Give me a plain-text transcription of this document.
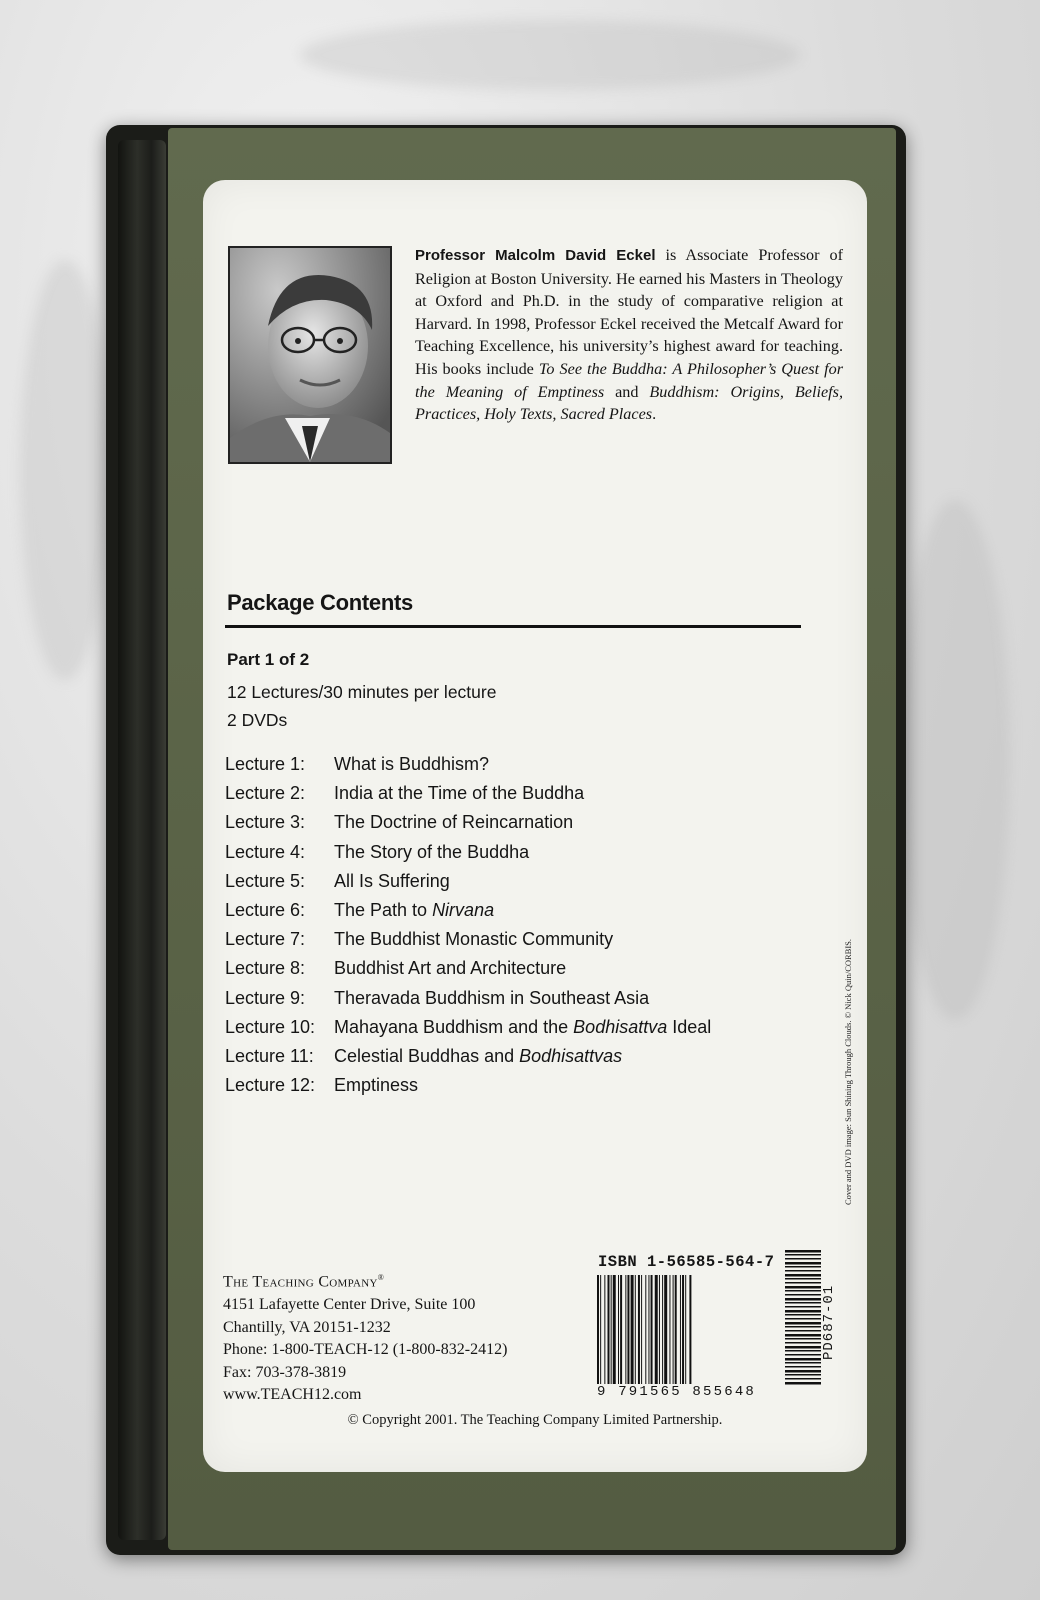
Professor Malcolm David Eckel is Associate Professor of Religion at Boston University. He earned his Masters in Theology at Oxford and Ph.D. in the study of comparative religion at Harvard. In 1998, Professor Eckel received the Metcalf Award for Teaching Excellence, his university’s highest award for teaching. His books include To See the Buddha: A Philosopher’s Quest for the Meaning of Emptiness and Buddhism: Origins, Beliefs, Practices, Holy Texts, Sacred Places.

Package Contents
Part 1 of 2
12 Lectures/30 minutes per lecture
2 DVDs
Lecture 1: What is Buddhism?
Lecture 2: India at the Time of the Buddha
Lecture 3: The Doctrine of Reincarnation
Lecture 4: The Story of the Buddha
Lecture 5: All Is Suffering
Lecture 6: The Path to Nirvana
Lecture 7: The Buddhist Monastic Community
Lecture 8: Buddhist Art and Architecture
Lecture 9: Theravada Buddhism in Southeast Asia
Lecture 10: Mahayana Buddhism and the Bodhisattva Ideal
Lecture 11: Celestial Buddhas and Bodhisattvas
Lecture 12: Emptiness	Cover and DVD image: Sun Shining Through Clouds. © Nick Quin/CORBIS.
The Teaching Company®
4151 Lafayette Center Drive, Suite 100
Chantilly, VA 20151-1232
Phone: 1-800-TEACH-12 (1-800-832-2412)
Fax: 703-378-3819
www.TEACH12.com
ISBN 1-56585-564-7
9 791565 855648
PD687-01
© Copyright 2001. The Teaching Company Limited Partnership.
